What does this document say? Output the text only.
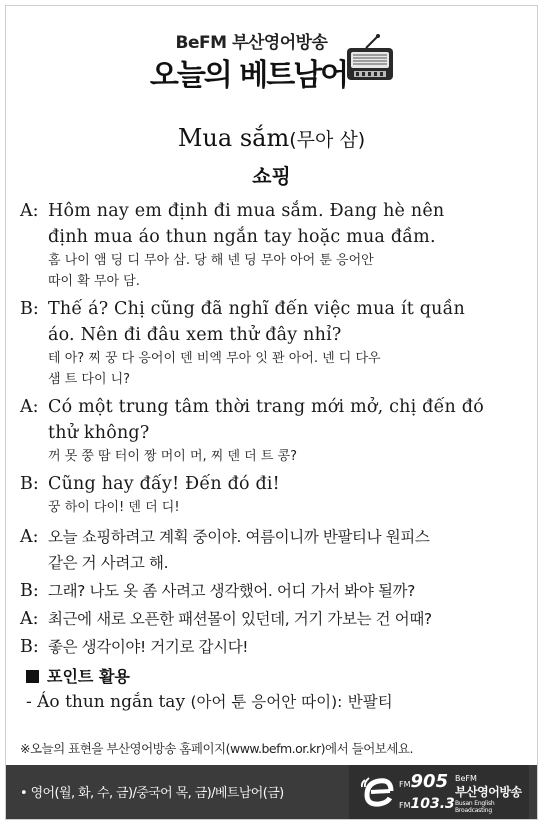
BeFM 부산영어방송
오늘의 베트남어
Mua sắm(무아 삼)
쇼핑
A: Hôm nay em định đi mua sắm. Đang hè nên
định mua áo thun ngắn tay hoặc mua đầm.
홈 나이 앰 딩 디 무아 삼. 당 해 넨 딩 무아 아어 툰 응어안
따이 확 무아 담.
B: Thế á? Chị cũng đã nghĩ đến việc mua ít quần
áo. Nên đi đâu xem thử đây nhỉ?
테 아? 찌 꿍 다 응어이 덴 비엑 무아 잇 꽌 아어. 넨 디 다우
샘 트 다이 니?
A: Có một trung tâm thời trang mới mở, chị đến đó
thử không?
꺼 못 쭝 땀 터이 짱 머이 머, 찌 덴 더 트 콩?
B: Cũng hay đấy! Đến đó đi!
꿍 하이 다이! 덴 더 디!
A: 오늘 쇼핑하려고 계획 중이야. 여름이니까 반팔티나 원피스
같은 거 사려고 해.
B: 그래? 나도 옷 좀 사려고 생각했어. 어디 가서 봐야 될까?
A: 최근에 새로 오픈한 패션몰이 있던데, 거기 가보는 건 어때?
B: 좋은 생각이야! 거기로 갑시다!
포인트 활용
- Áo thun ngắn tay (아어 툰 응어안 따이): 반팔티
※오늘의 표현을 부산영어방송 홈페이지(www.befm.or.kr)에서 들어보세요.
• 영어(월, 화, 수, 금)/중국어 목, 금)/베트남어(금)
FM905
FM103.3
BeFM
부산영어방송
Busan English Broadcasting
